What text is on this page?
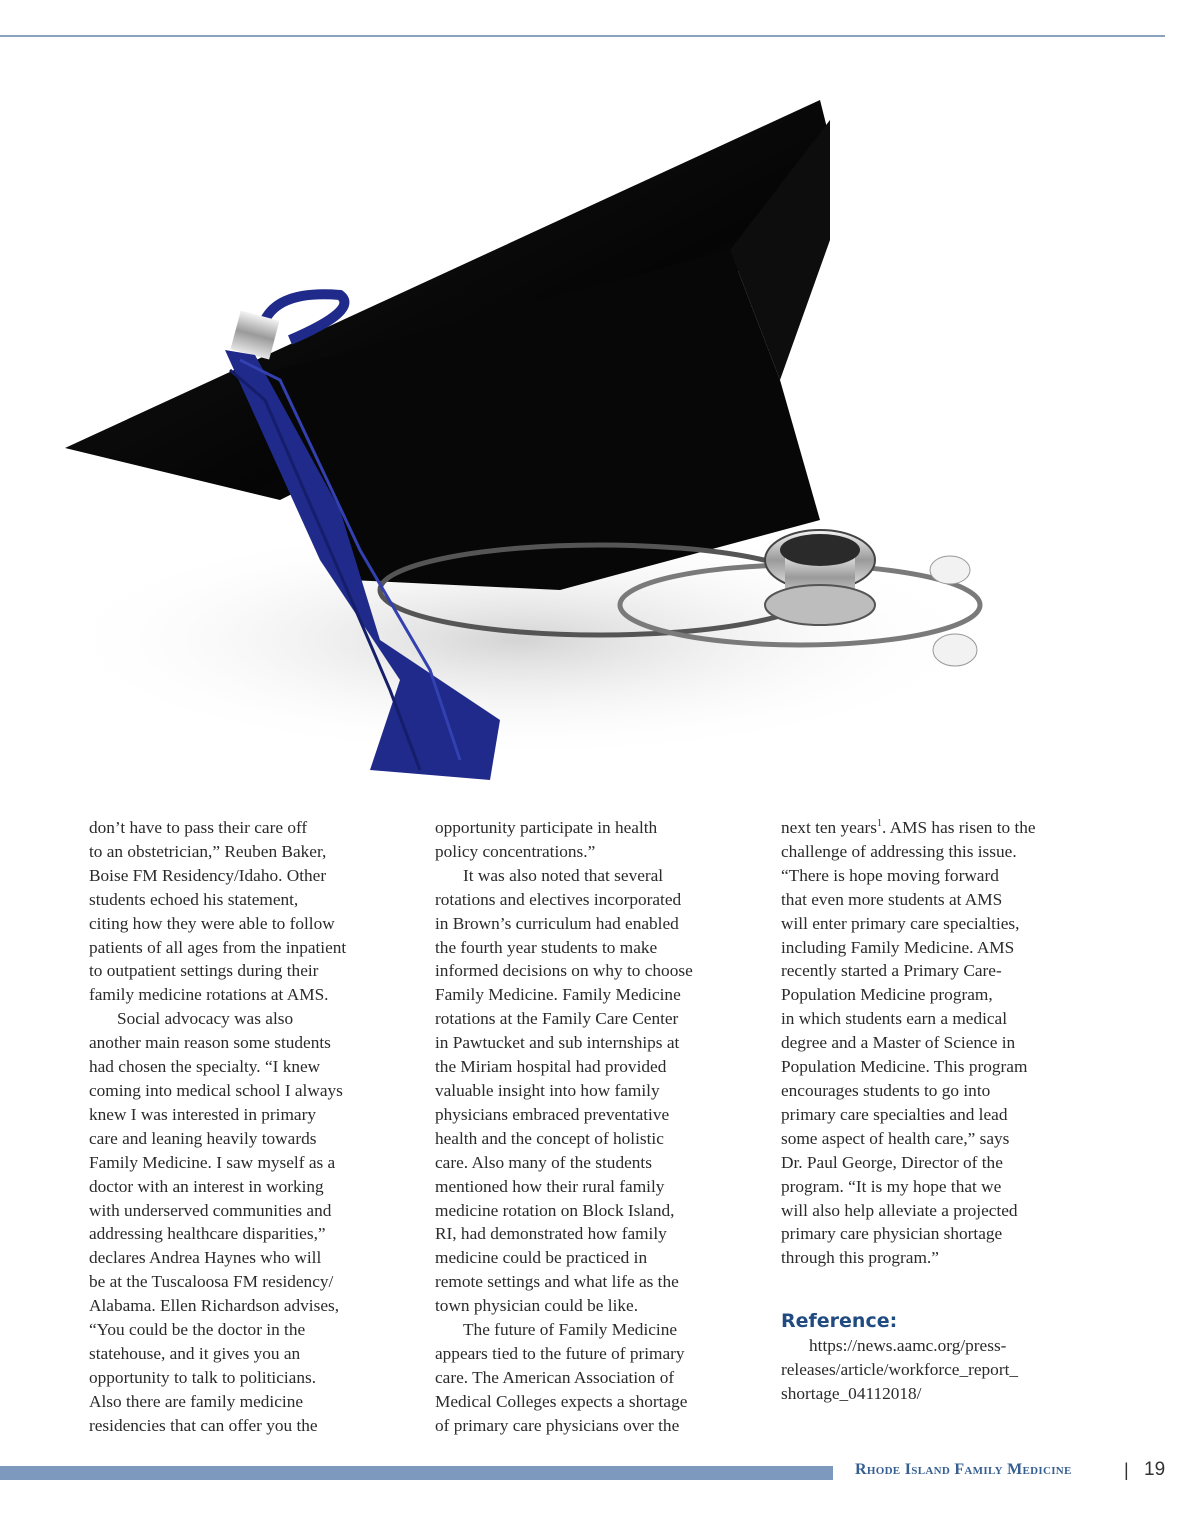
don’t have to pass their care off
to an obstetrician,” Reuben Baker,
Boise FM Residency/Idaho. Other
students echoed his statement,
citing how they were able to follow
patients of all ages from the inpatient
to outpatient settings during their
family medicine rotations at AMS.
Social advocacy was also
another main reason some students
had chosen the specialty. “I knew
coming into medical school I always
knew I was interested in primary
care and leaning heavily towards
Family Medicine. I saw myself as a
doctor with an interest in working
with underserved communities and
addressing healthcare disparities,”
declares Andrea Haynes who will
be at the Tuscaloosa FM residency/
Alabama. Ellen Richardson advises,
“You could be the doctor in the
statehouse, and it gives you an
opportunity to talk to politicians.
Also there are family medicine
residencies that can offer you the
opportunity participate in health
policy concentrations.”
It was also noted that several
rotations and electives incorporated
in Brown’s curriculum had enabled
the fourth year students to make
informed decisions on why to choose
Family Medicine. Family Medicine
rotations at the Family Care Center
in Pawtucket and sub internships at
the Miriam hospital had provided
valuable insight into how family
physicians embraced preventative
health and the concept of holistic
care. Also many of the students
mentioned how their rural family
medicine rotation on Block Island,
RI, had demonstrated how family
medicine could be practiced in
remote settings and what life as the
town physician could be like.
The future of Family Medicine
appears tied to the future of primary
care. The American Association of
Medical Colleges expects a shortage
of primary care physicians over the
next ten years$^1$. AMS has risen to the
challenge of addressing this issue.
“There is hope moving forward
that even more students at AMS
will enter primary care specialties,
including Family Medicine. AMS
recently started a Primary Care-
Population Medicine program,
in which students earn a medical
degree and a Master of Science in
Population Medicine. This program
encourages students to go into
primary care specialties and lead
some aspect of health care,” says
Dr. Paul George, Director of the
program. “It is my hope that we
will also help alleviate a projected
primary care physician shortage
through this program.”
Reference:
https://news.aamc.org/press-
releases/article/workforce_report_
shortage_04112018/
Rhode Island Family Medicine	| 19
